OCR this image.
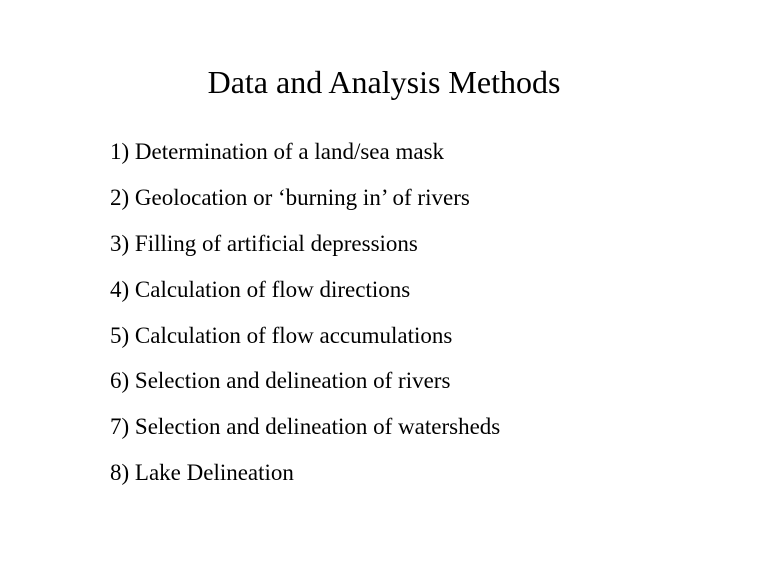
Data and Analysis Methods
1) Determination of a land/sea mask
2) Geolocation or ‘burning in’ of rivers
3) Filling of artificial depressions
4) Calculation of flow directions
5) Calculation of flow accumulations
6) Selection and delineation of rivers
7) Selection and delineation of watersheds
8) Lake Delineation
